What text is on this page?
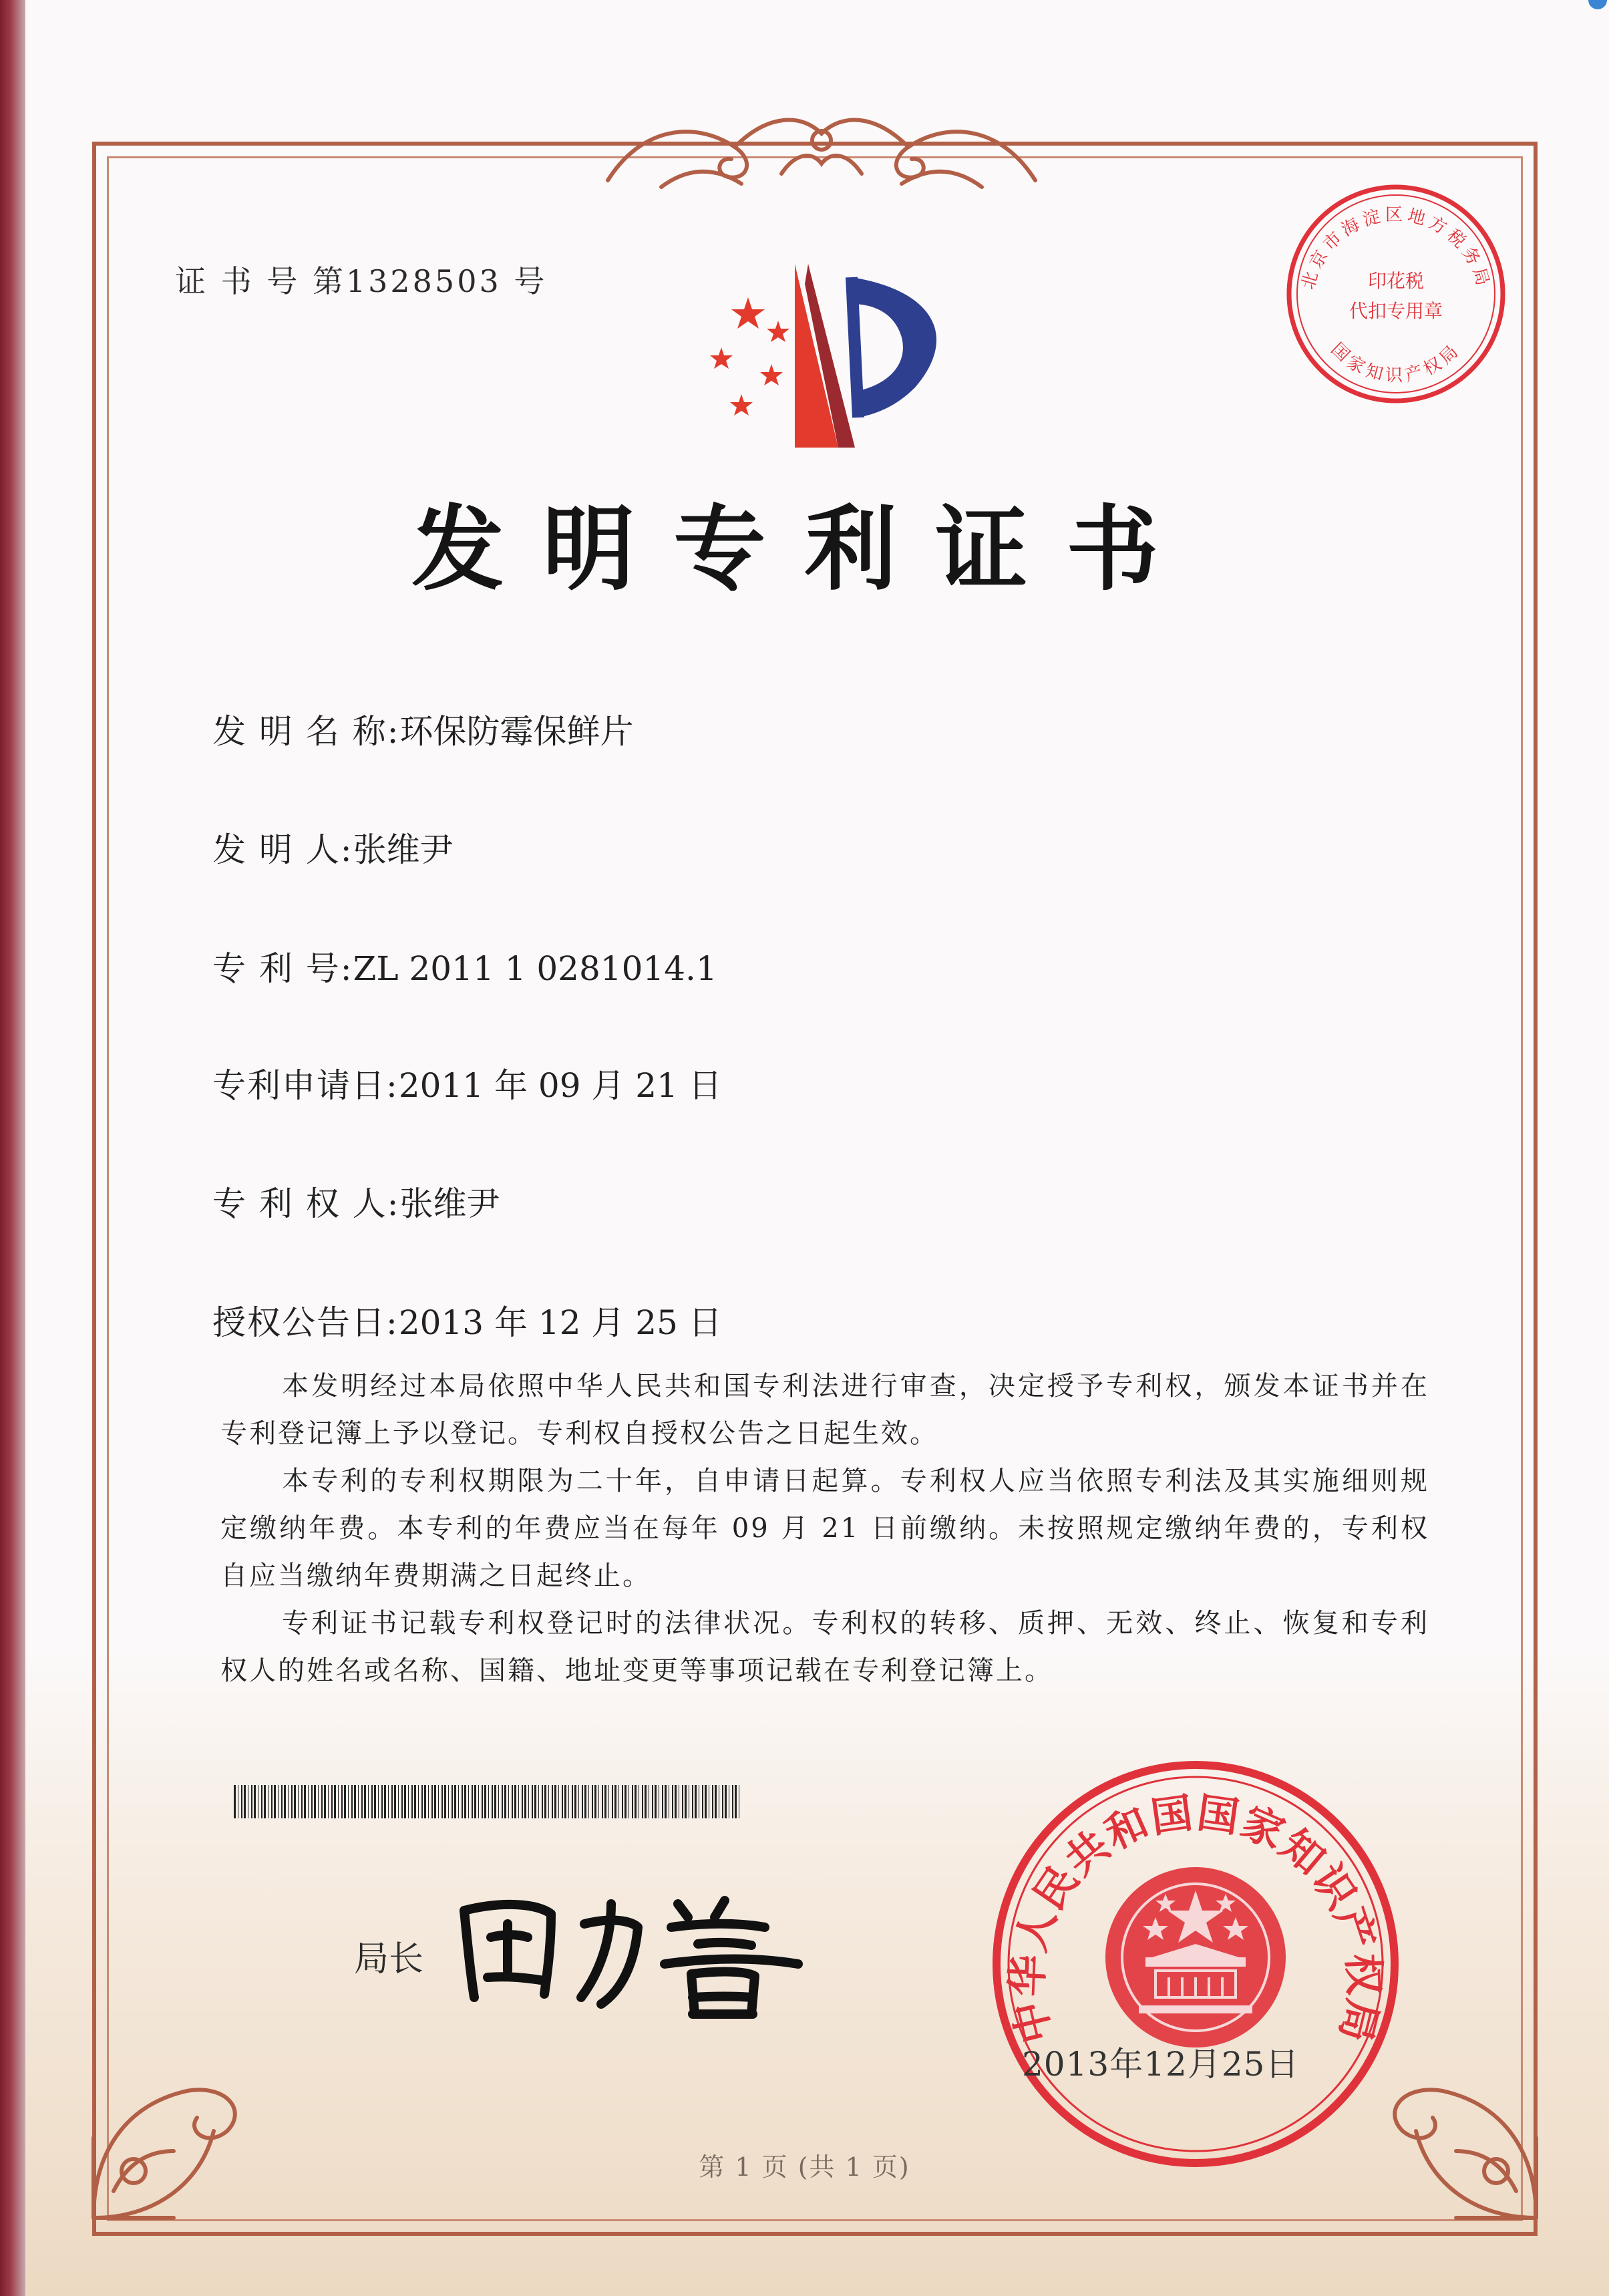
证 书 号 第1328503 号	北京市海淀区地方税务局
国家知识产权局
印花税
代扣专用章
发明专利证书
发 明 名 称:环保防霉保鲜片
发 明 人:张维尹
专 利 号:ZL 2011 1 0281014.1
专利申请日:2011 年 09 月 21 日
专 利 权 人:张维尹
授权公告日:2013 年 12 月 25 日

本发明经过本局依照中华人民共和国专利法进行审查，决定授予专利权，颁发本证书并在专利登记簿上予以登记。专利权自授权公告之日起生效。

本专利的专利权期限为二十年，自申请日起算。专利权人应当依照专利法及其实施细则规定缴纳年费。本专利的年费应当在每年 09 月 21 日前缴纳。未按照规定缴纳年费的，专利权自应当缴纳年费期满之日起终止。

专利证书记载专利权登记时的法律状况。专利权的转移、质押、无效、终止、恢复和专利权人的姓名或名称、国籍、地址变更等事项记载在专利登记簿上。

局长
中华人民共和国国家知识产权局
2013年12月25日
第 1 页 (共 1 页)
